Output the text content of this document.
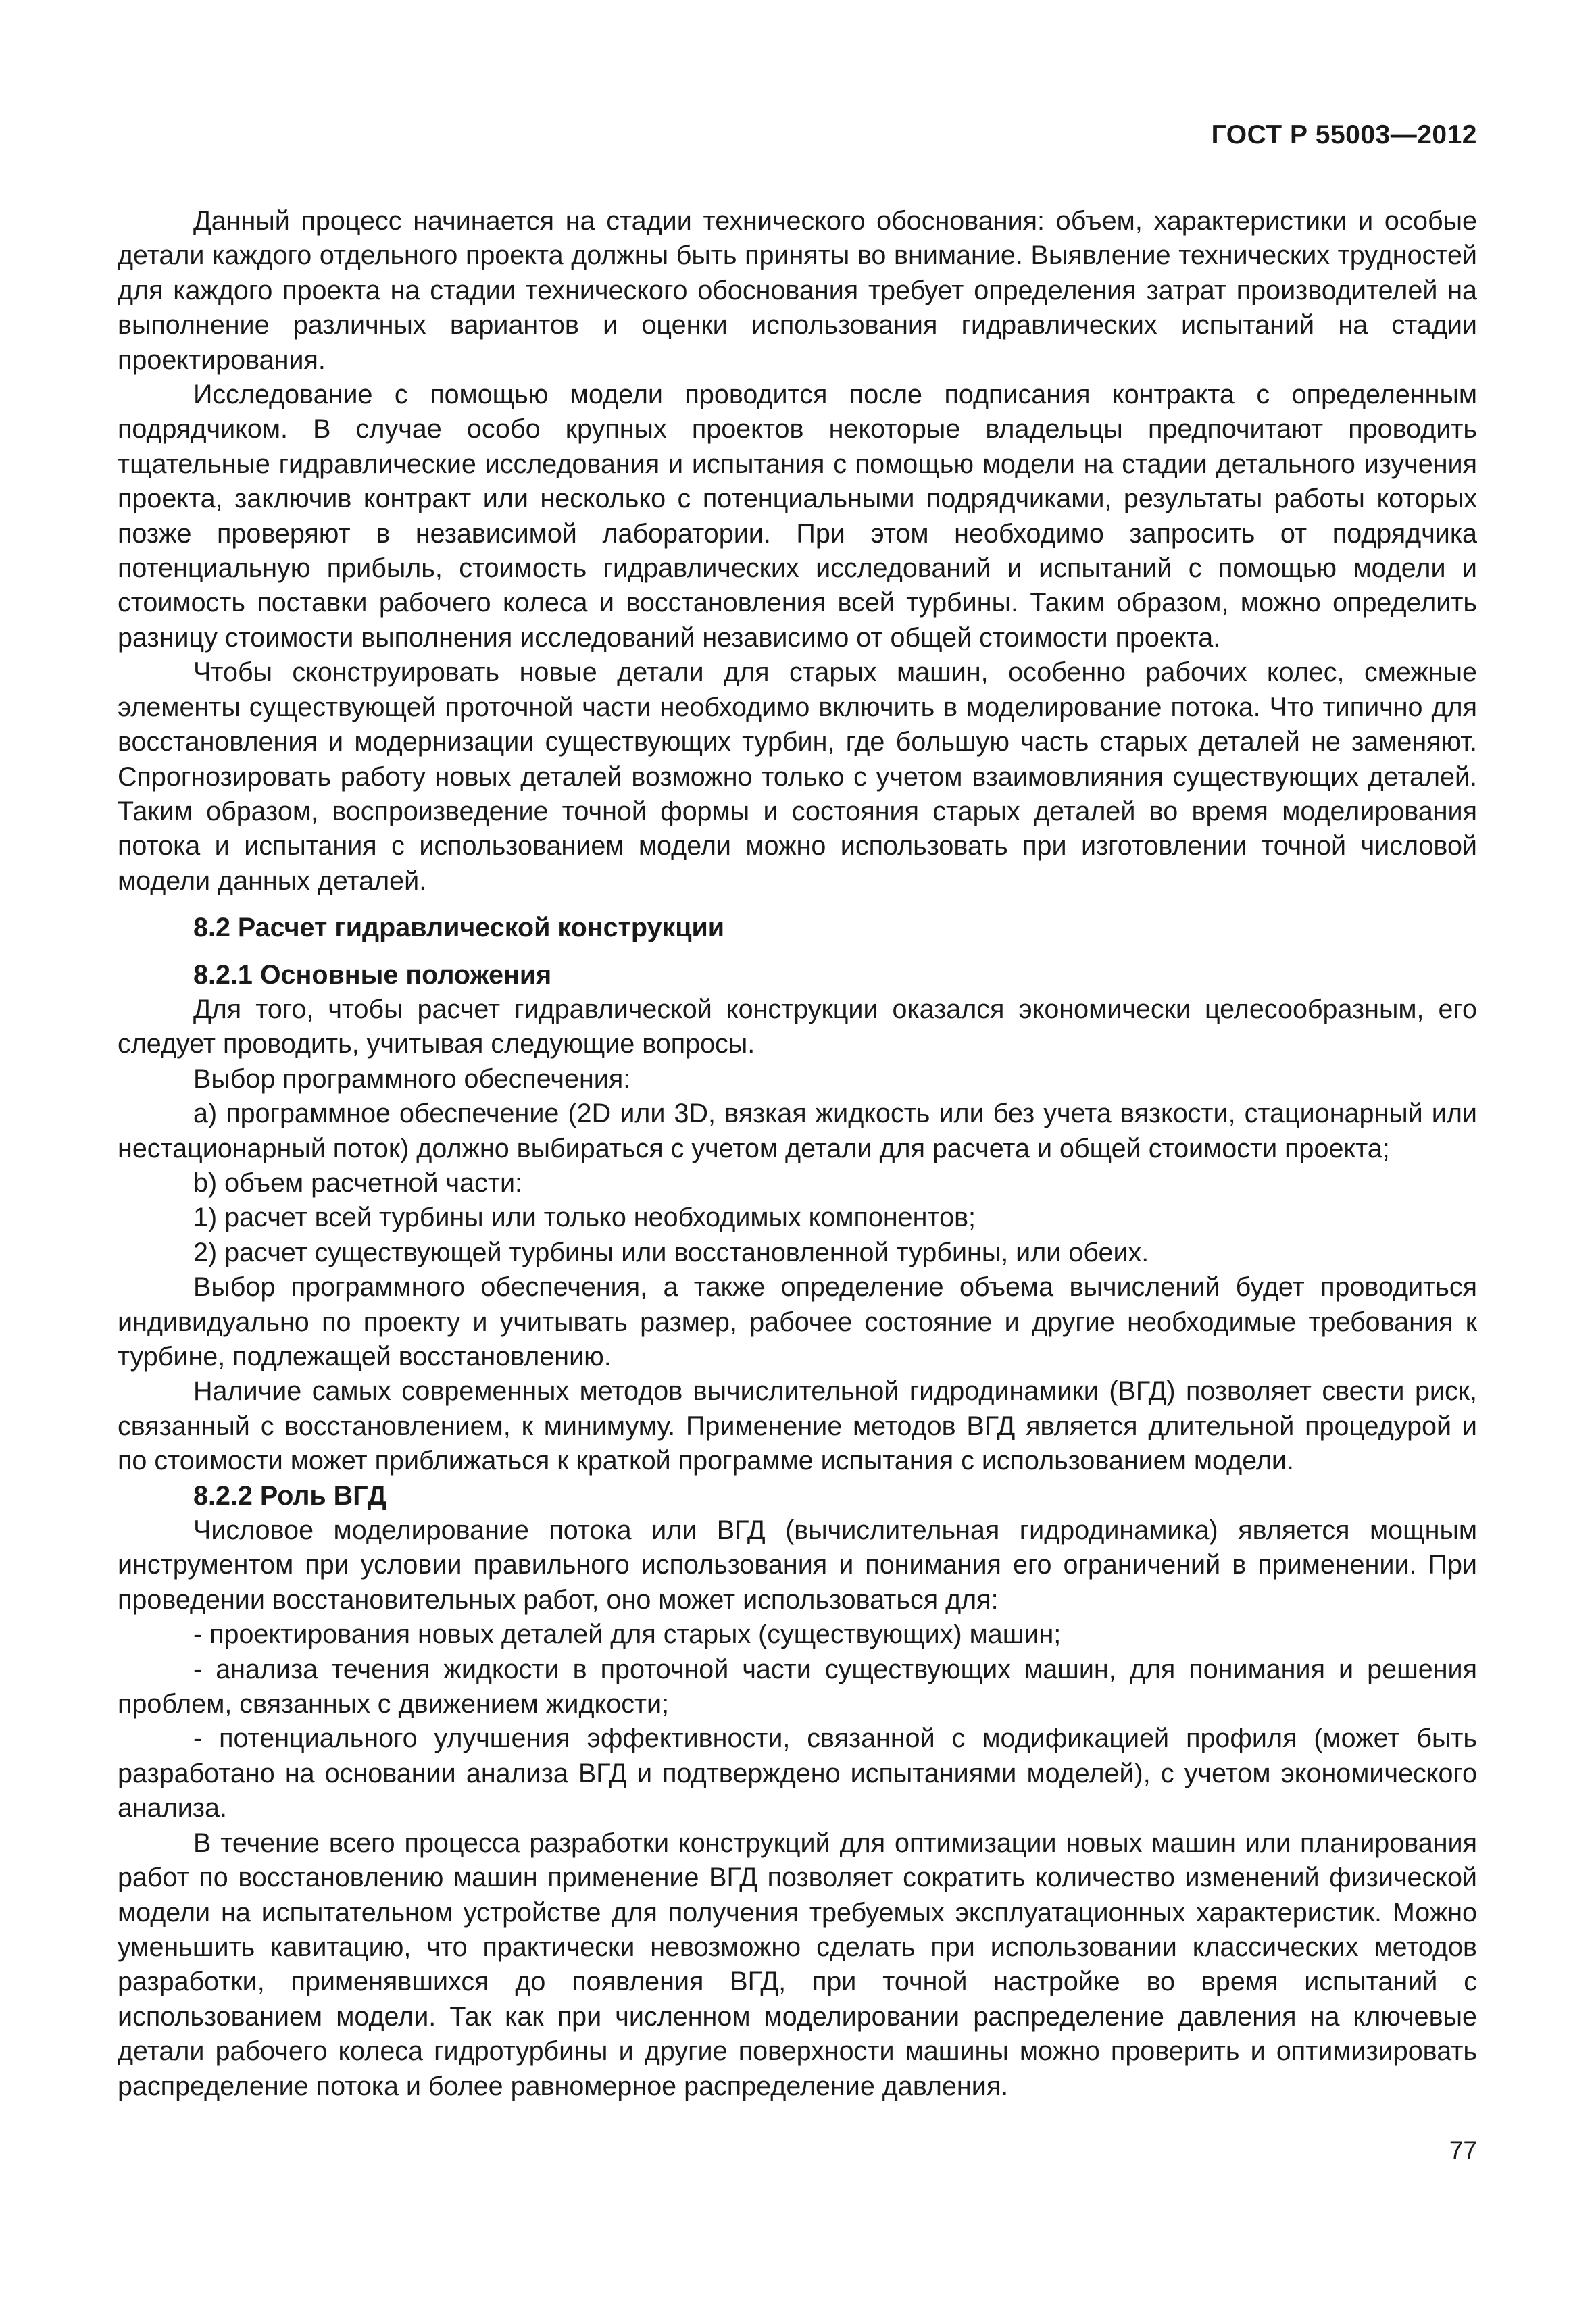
ГОСТ Р 55003—2012

Данный процесс начинается на стадии технического обоснования: объем, характеристики и особые детали каждого отдельного проекта должны быть приняты во внимание. Выявление технических трудностей для каждого проекта на стадии технического обоснования требует определения затрат производителей на выполнение различных вариантов и оценки использования гидравлических испытаний на стадии проектирования.

Исследование с помощью модели проводится после подписания контракта с определенным подрядчиком. В случае особо крупных проектов некоторые владельцы предпочитают проводить тщательные гидравлические исследования и испытания с помощью модели на стадии детального изучения проекта, заключив контракт или несколько с потенциальными подрядчиками, результаты работы которых позже проверяют в независимой лаборатории. При этом необходимо запросить от подрядчика потенциальную прибыль, стоимость гидравлических исследований и испытаний с помощью модели и стоимость поставки рабочего колеса и восстановления всей турбины. Таким образом, можно определить разницу стоимости выполнения исследований независимо от общей стоимости проекта.

Чтобы сконструировать новые детали для старых машин, особенно рабочих колес, смежные элементы существующей проточной части необходимо включить в моделирование потока. Что типично для восстановления и модернизации существующих турбин, где большую часть старых деталей не заменяют. Спрогнозировать работу новых деталей возможно только с учетом взаимовлияния существующих деталей. Таким образом, воспроизведение точной формы и состояния старых деталей во время моделирования потока и испытания с использованием модели можно использовать при изготовлении точной числовой модели данных деталей.

8.2 Расчет гидравлической конструкции
8.2.1 Основные положения

Для того, чтобы расчет гидравлической конструкции оказался экономически целесообразным, его следует проводить, учитывая следующие вопросы.

Выбор программного обеспечения:

а) программное обеспечение (2D или 3D, вязкая жидкость или без учета вязкости, стационарный или нестационарный поток) должно выбираться с учетом детали для расчета и общей стоимости проекта;

b) объем расчетной части:

1) расчет всей турбины или только необходимых компонентов;

2) расчет существующей турбины или восстановленной турбины, или обеих.

Выбор программного обеспечения, а также определение объема вычислений будет проводиться индивидуально по проекту и учитывать размер, рабочее состояние и другие необходимые требования к турбине, подлежащей восстановлению.

Наличие самых современных методов вычислительной гидродинамики (ВГД) позволяет свести риск, связанный с восстановлением, к минимуму. Применение методов ВГД является длительной процедурой и по стоимости может приближаться к краткой программе испытания с использованием модели.

8.2.2 Роль ВГД

Числовое моделирование потока или ВГД (вычислительная гидродинамика) является мощным инструментом при условии правильного использования и понимания его ограничений в применении. При проведении восстановительных работ, оно может использоваться для:

- проектирования новых деталей для старых (существующих) машин;

- анализа течения жидкости в проточной части существующих машин, для понимания и решения проблем, связанных с движением жидкости;

- потенциального улучшения эффективности, связанной с модификацией профиля (может быть разработано на основании анализа ВГД и подтверждено испытаниями моделей), с учетом экономического анализа.

В течение всего процесса разработки конструкций для оптимизации новых машин или планирования работ по восстановлению машин применение ВГД позволяет сократить количество изменений физической модели на испытательном устройстве для получения требуемых эксплуатационных характеристик. Можно уменьшить кавитацию, что практически невозможно сделать при использовании классических методов разработки, применявшихся до появления ВГД, при точной настройке во время испытаний с использованием модели. Так как при численном моделировании распределение давления на ключевые детали рабочего колеса гидротурбины и другие поверхности машины можно проверить и оптимизировать распределение потока и более равномерное распределение давления.

77
